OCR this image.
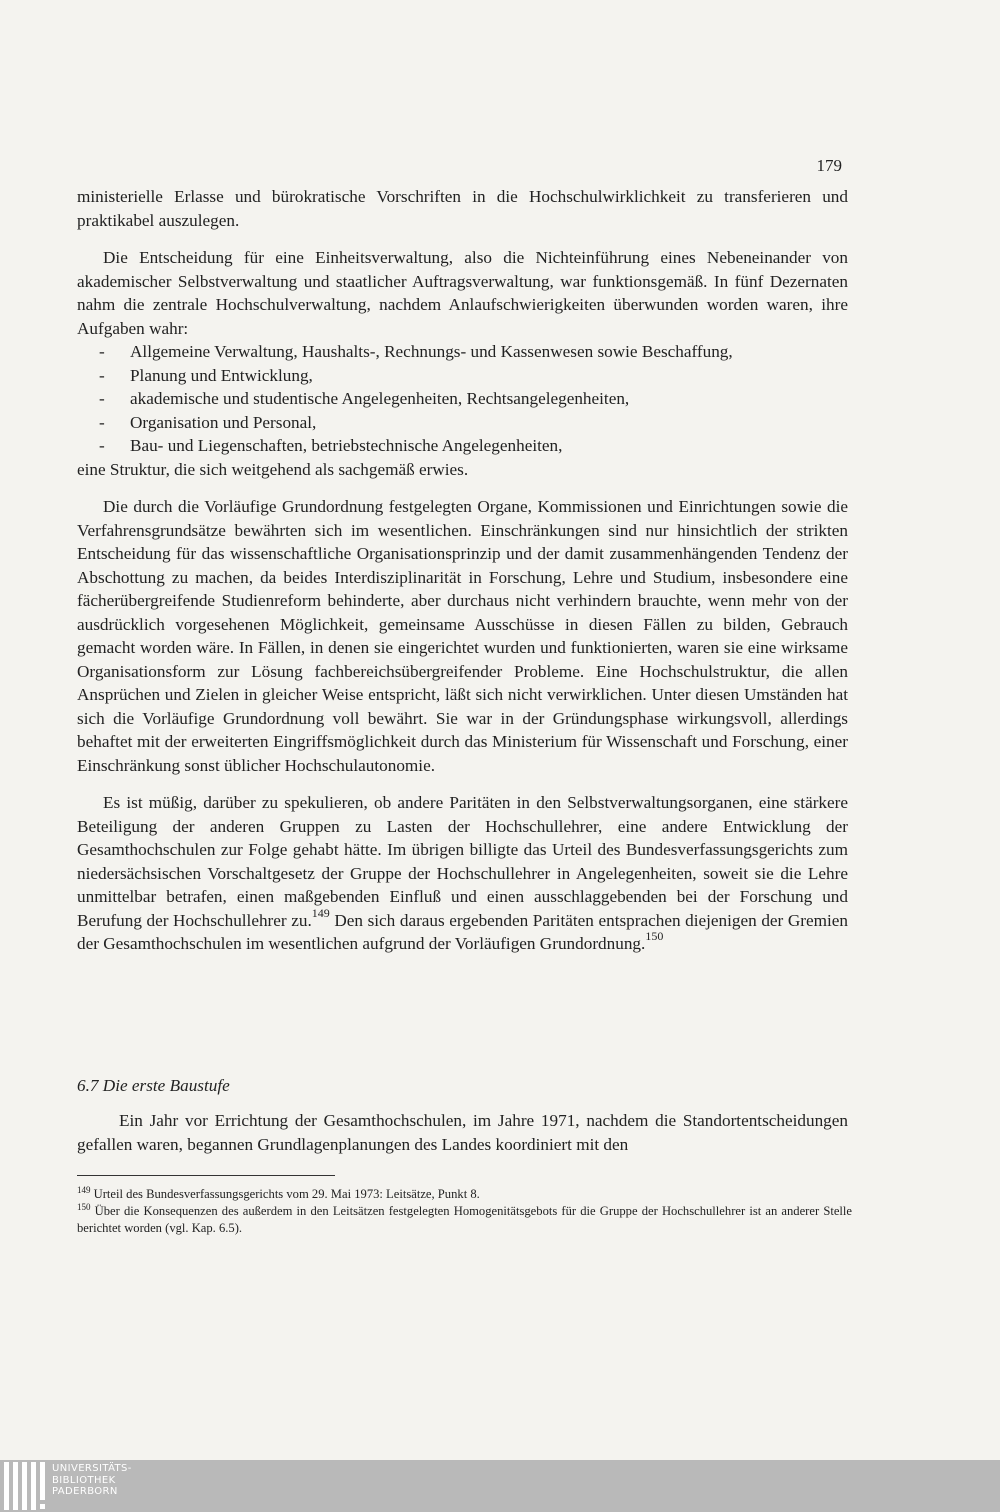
179

ministerielle Erlasse und bürokratische Vorschriften in die Hochschulwirklichkeit zu transferieren und praktikabel auszulegen.

Die Entscheidung für eine Einheitsverwaltung, also die Nichteinführung eines Nebeneinander von akademischer Selbstverwaltung und staatlicher Auftragsverwaltung, war funktionsgemäß. In fünf Dezernaten nahm die zentrale Hochschulverwaltung, nachdem Anlaufschwierigkeiten überwunden worden waren, ihre Aufgaben wahr:

- Allgemeine Verwaltung, Haushalts-, Rechnungs- und Kassenwesen sowie Beschaffung,
- Planung und Entwicklung,
- akademische und studentische Angelegenheiten, Rechtsangelegenheiten,
- Organisation und Personal,
- Bau- und Liegenschaften, betriebstechnische Angelegenheiten,

eine Struktur, die sich weitgehend als sachgemäß erwies.

Die durch die Vorläufige Grundordnung festgelegten Organe, Kommissionen und Einrichtungen sowie die Verfahrensgrundsätze bewährten sich im wesentlichen. Einschränkungen sind nur hinsichtlich der strikten Entscheidung für das wissenschaftliche Organisationsprinzip und der damit zusammenhängenden Tendenz der Abschottung zu machen, da beides Interdisziplinarität in Forschung, Lehre und Studium, insbesondere eine fächerübergreifende Studienreform behinderte, aber durchaus nicht verhindern brauchte, wenn mehr von der ausdrücklich vorgesehenen Möglichkeit, gemeinsame Ausschüsse in diesen Fällen zu bilden, Gebrauch gemacht worden wäre. In Fällen, in denen sie eingerichtet wurden und funktionierten, waren sie eine wirksame Organisationsform zur Lösung fachbereichsübergreifender Probleme. Eine Hochschulstruktur, die allen Ansprüchen und Zielen in gleicher Weise entspricht, läßt sich nicht verwirklichen. Unter diesen Umständen hat sich die Vorläufige Grundordnung voll bewährt. Sie war in der Gründungsphase wirkungsvoll, allerdings behaftet mit der erweiterten Eingriffsmöglichkeit durch das Ministerium für Wissenschaft und Forschung, einer Einschränkung sonst üblicher Hochschulautonomie.

Es ist müßig, darüber zu spekulieren, ob andere Paritäten in den Selbstverwaltungsorganen, eine stärkere Beteiligung der anderen Gruppen zu Lasten der Hochschullehrer, eine andere Entwicklung der Gesamthochschulen zur Folge gehabt hätte. Im übrigen billigte das Urteil des Bundesverfassungsgerichts zum niedersächsischen Vorschaltgesetz der Gruppe der Hochschullehrer in Angelegenheiten, soweit sie die Lehre unmittelbar betrafen, einen maßgebenden Einfluß und einen ausschlaggebenden bei der Forschung und Berufung der Hochschullehrer zu.$^{149}$ Den sich daraus ergebenden Paritäten entsprachen diejenigen der Gremien der Gesamthochschulen im wesentlichen aufgrund der Vorläufigen Grundordnung.$^{150}$

6.7 Die erste Baustufe

Ein Jahr vor Errichtung der Gesamthochschulen, im Jahre 1971, nachdem die Standortentscheidungen gefallen waren, begannen Grundlagenplanungen des Landes koordiniert mit den

$^{149}$ Urteil des Bundesverfassungsgerichts vom 29. Mai 1973: Leitsätze, Punkt 8.

$^{150}$ Über die Konsequenzen des außerdem in den Leitsätzen festgelegten Homogenitätsgebots für die Gruppe der Hochschullehrer ist an anderer Stelle berichtet worden (vgl. Kap. 6.5).

UNIVERSITÄTS-
BIBLIOTHEK
PADERBORN
